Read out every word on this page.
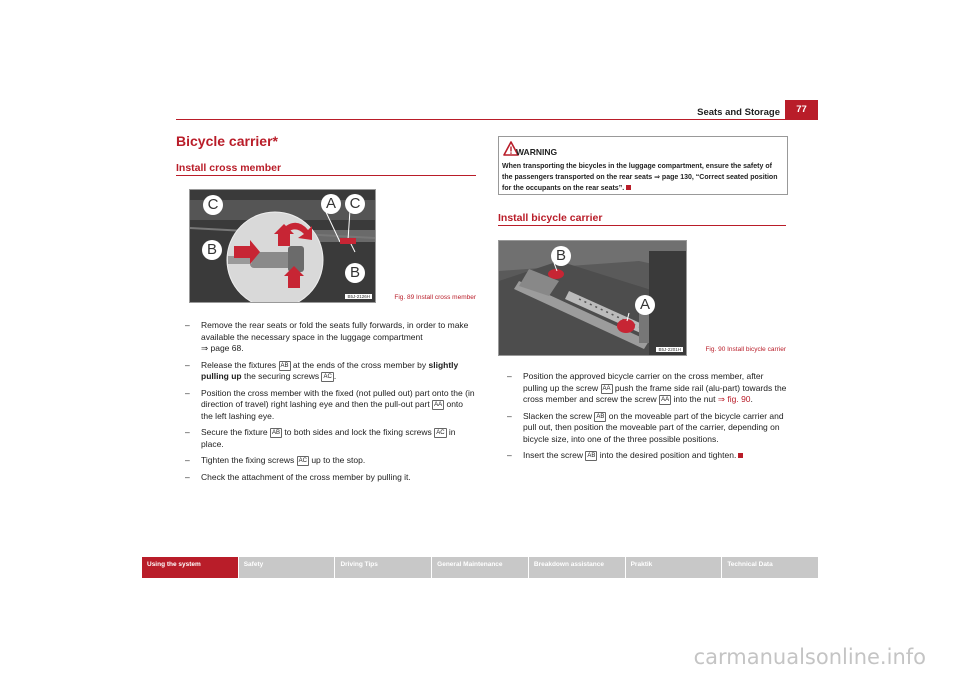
Seats and Storage	77
Bicycle carrier*
Install cross member
C	A C
B
B
B5J-2126H	Fig. 89 Install cross member
– Remove the rear seats or fold the seats fully forwards, in order to make available the necessary space in the luggage compartment
⇒ page 68.
– Release the fixtures AB at the ends of the cross member by slightly pulling up the securing screws AC .
– Position the cross member with the fixed (not pulled out) part onto the (in direction of travel) right lashing eye and then the pull-out part AA onto the left lashing eye.
– Secure the fixture AB to both sides and lock the fixing screws AC in place.
– Tighten the fixing screws AC up to the stop.
– Check the attachment of the cross member by pulling it.
WARNING
When transporting the bicycles in the luggage compartment, ensure the safety of the passengers transported on the rear seats ⇒ page 130, “Correct seated position for the occupants on the rear seats”.
Install bicycle carrier
B
A
B5J-2201H	Fig. 90 Install bicycle carrier
– Position the approved bicycle carrier on the cross member, after pulling up the screw AA push the frame side rail (alu-part) towards the cross member and screw the screw AA into the nut ⇒ fig. 90.
– Slacken the screw AB on the moveable part of the bicycle carrier and pull out, then position the moveable part of the carrier, depending on bicycle size, into one of the three possible positions.
– Insert the screw AB into the desired position and tighten.
Using the system	Safety	Driving Tips	General Maintenance	Breakdown assistance	Praktik	Technical Data
carmanualsonline.info
